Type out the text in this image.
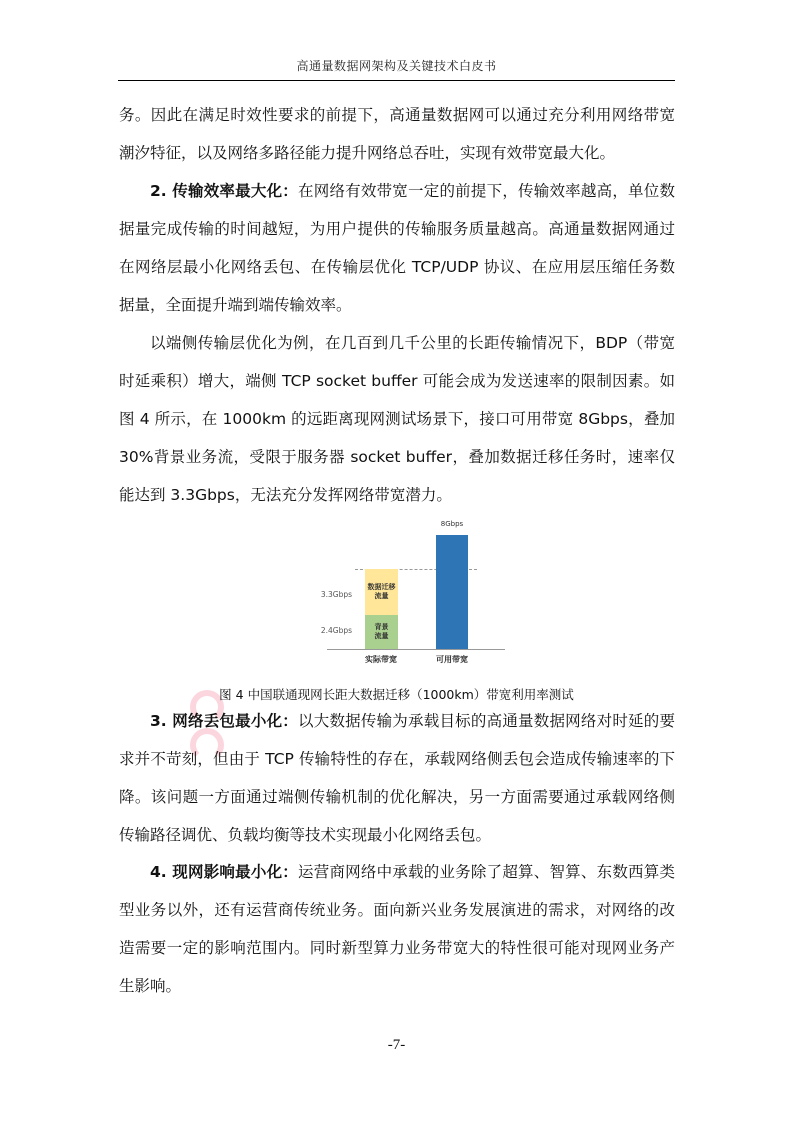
高通量数据网架构及关键技术白皮书

务。因此在满足时效性要求的前提下，高通量数据网可以通过充分利用网络带宽潮汐特征，以及网络多路径能力提升网络总吞吐，实现有效带宽最大化。

2. 传输效率最大化：在网络有效带宽一定的前提下，传输效率越高，单位数据量完成传输的时间越短，为用户提供的传输服务质量越高。高通量数据网通过在网络层最小化网络丢包、在传输层优化 TCP/UDP 协议、在应用层压缩任务数据量，全面提升端到端传输效率。

以端侧传输层优化为例，在几百到几千公里的长距传输情况下，BDP（带宽时延乘积）增大，端侧 TCP socket buffer 可能会成为发送速率的限制因素。如图 4 所示，在 1000km 的远距离现网测试场景下，接口可用带宽 8Gbps，叠加 30%背景业务流，受限于服务器 socket buffer，叠加数据迁移任务时，速率仅能达到 3.3Gbps，无法充分发挥网络带宽潜力。

数据迁移
流量
背景
流量
8Gbps
3.3Gbps
2.4Gbps
实际带宽	可用带宽
图 4 中国联通现网长距大数据迁移（1000km）带宽利用率测试

3. 网络丢包最小化：以大数据传输为承载目标的高通量数据网络对时延的要求并不苛刻，但由于 TCP 传输特性的存在，承载网络侧丢包会造成传输速率的下降。该问题一方面通过端侧传输机制的优化解决，另一方面需要通过承载网络侧传输路径调优、负载均衡等技术实现最小化网络丢包。

4. 现网影响最小化：运营商网络中承载的业务除了超算、智算、东数西算类型业务以外，还有运营商传统业务。面向新兴业务发展演进的需求，对网络的改造需要一定的影响范围内。同时新型算力业务带宽大的特性很可能对现网业务产生影响。

-7-
